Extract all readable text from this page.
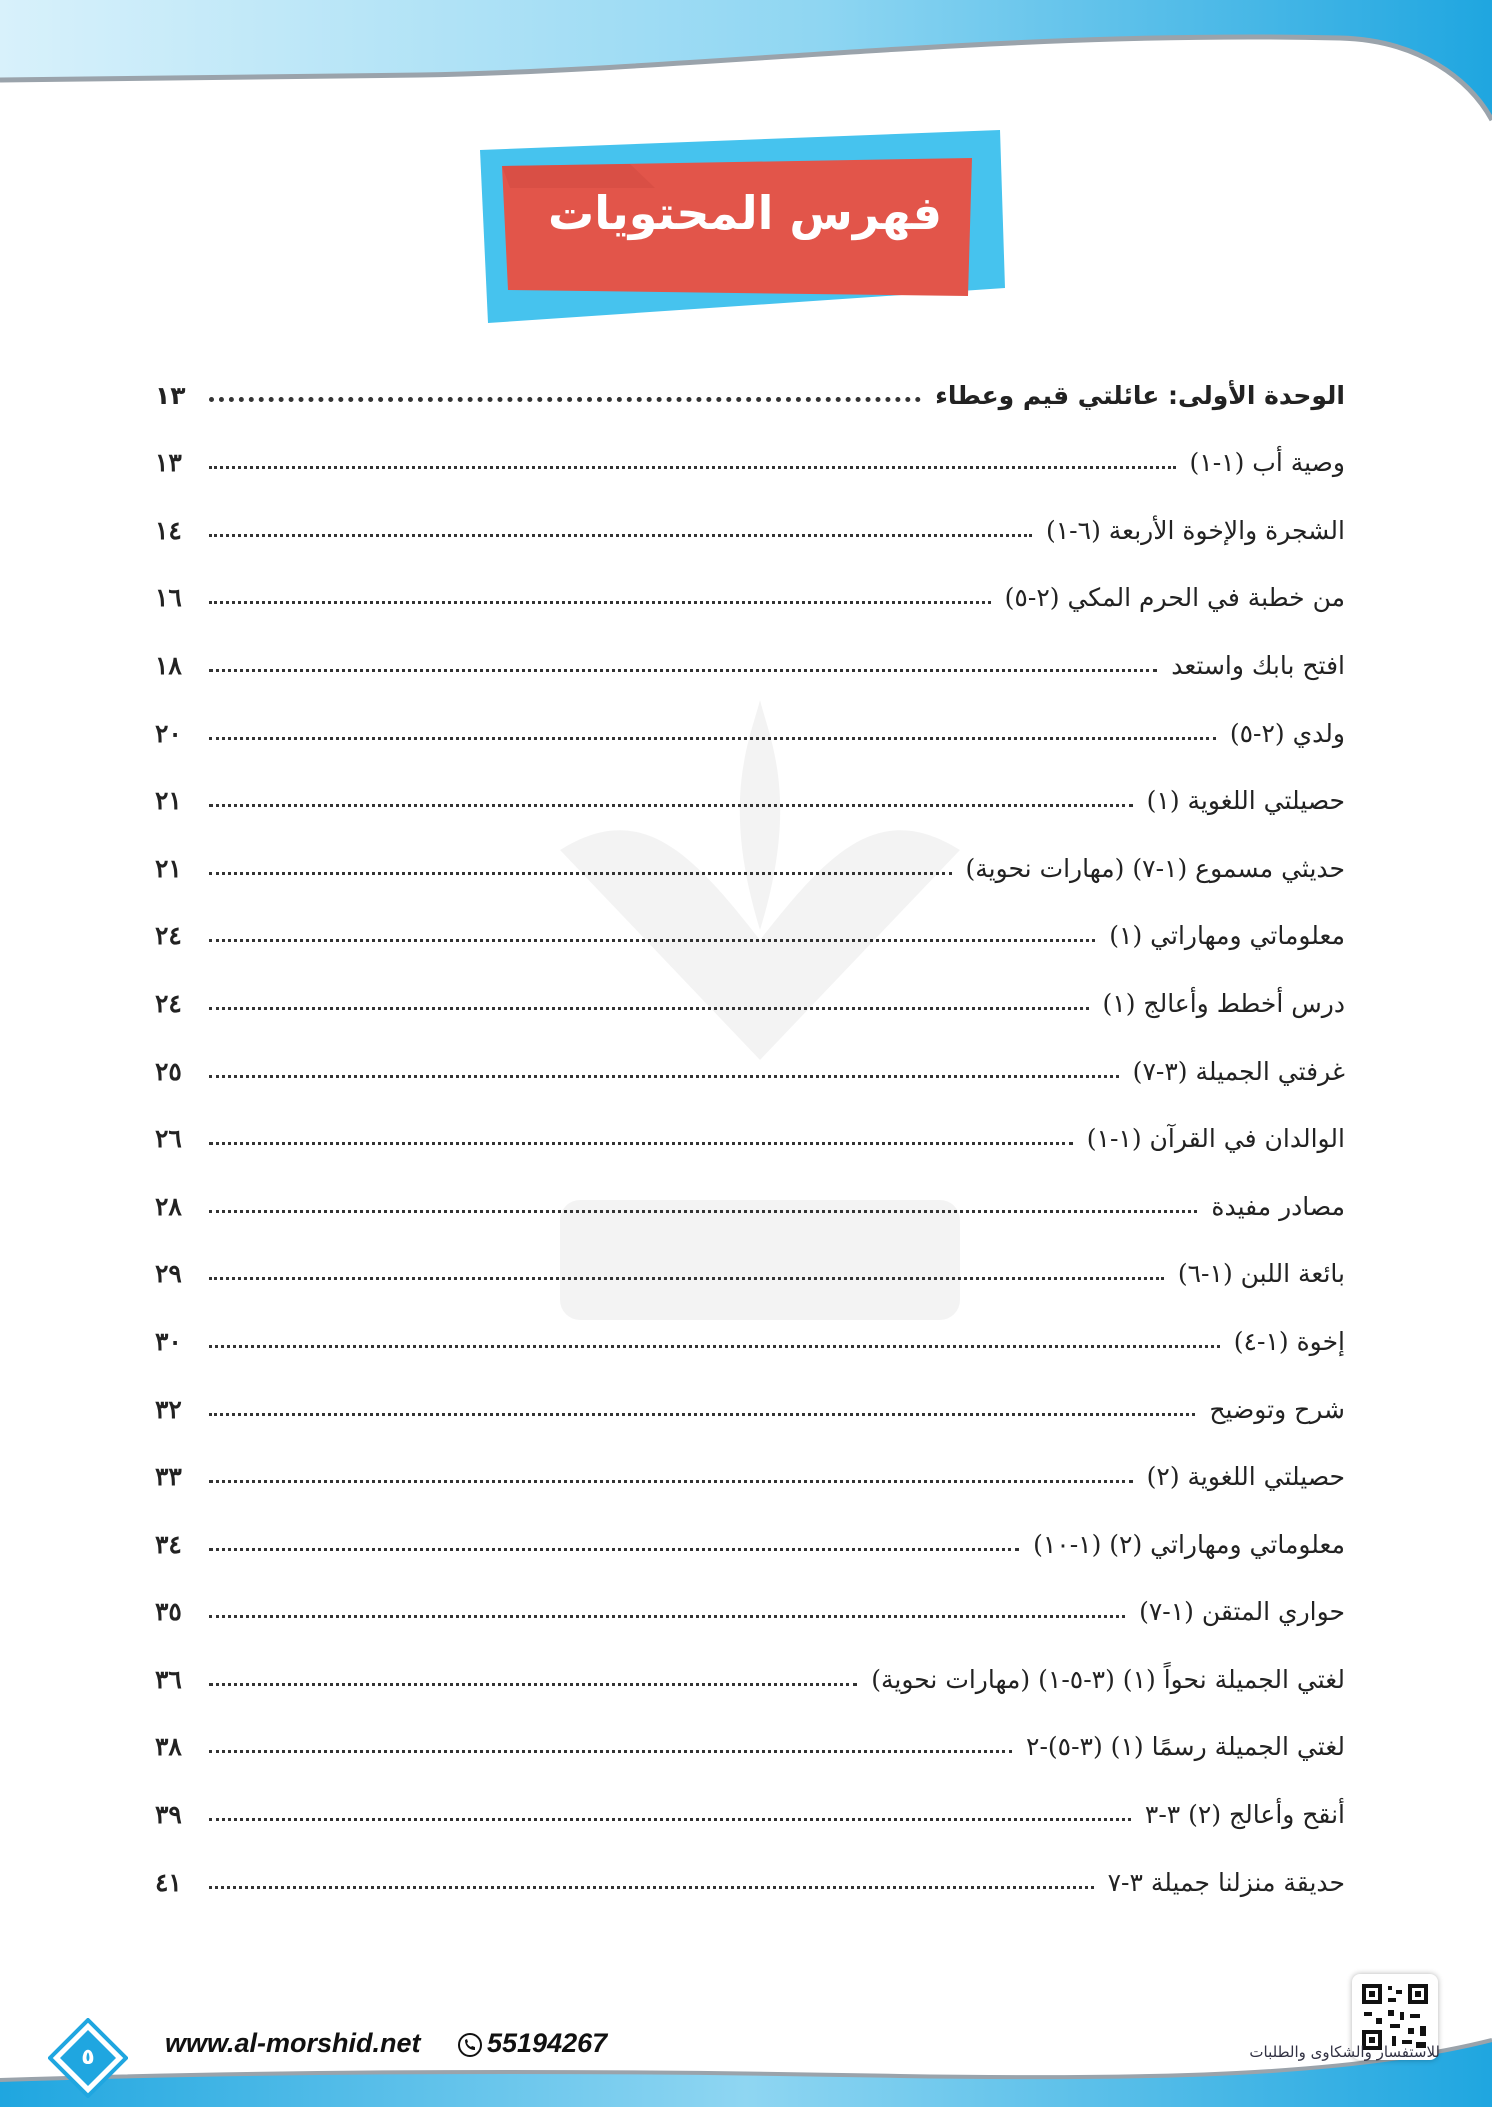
فهرس المحتويات
الوحدة الأولى: عائلتي قيم وعطاء
١٣
وصية أب (١-١)
١٣
الشجرة والإخوة الأربعة (٦-١)
١٤
من خطبة في الحرم المكي (٢-٥)
١٦
افتح بابك واستعد
١٨
ولدي (٢-٥)
٢٠
حصيلتي اللغوية (١)
٢١
حديثي مسموع (١-٧) (مهارات نحوية)
٢١
معلوماتي ومهاراتي (١)
٢٤
درس أخطط وأعالج (١)
٢٤
غرفتي الجميلة (٣-٧)
٢٥
الوالدان في القرآن (١-١)
٢٦
مصادر مفيدة
٢٨
بائعة اللبن (١-٦)
٢٩
إخوة (١-٤)
٣٠
شرح وتوضيح
٣٢
حصيلتي اللغوية (٢)
٣٣
معلوماتي ومهاراتي (٢) (١-١٠)
٣٤
حواري المتقن (١-٧)
٣٥
لغتي الجميلة نحواً (١) (٣-٥-١) (مهارات نحوية)
٣٦
لغتي الجميلة رسمًا (١) (٣-٥)-٢
٣٨
أنقح وأعالج (٢) ٣-٣
٣٩
حديقة منزلنا جميلة ٣-٧
٤١
٥	www.al-morshid.net 55194267	للاستفسار والشكاوى والطلبات
